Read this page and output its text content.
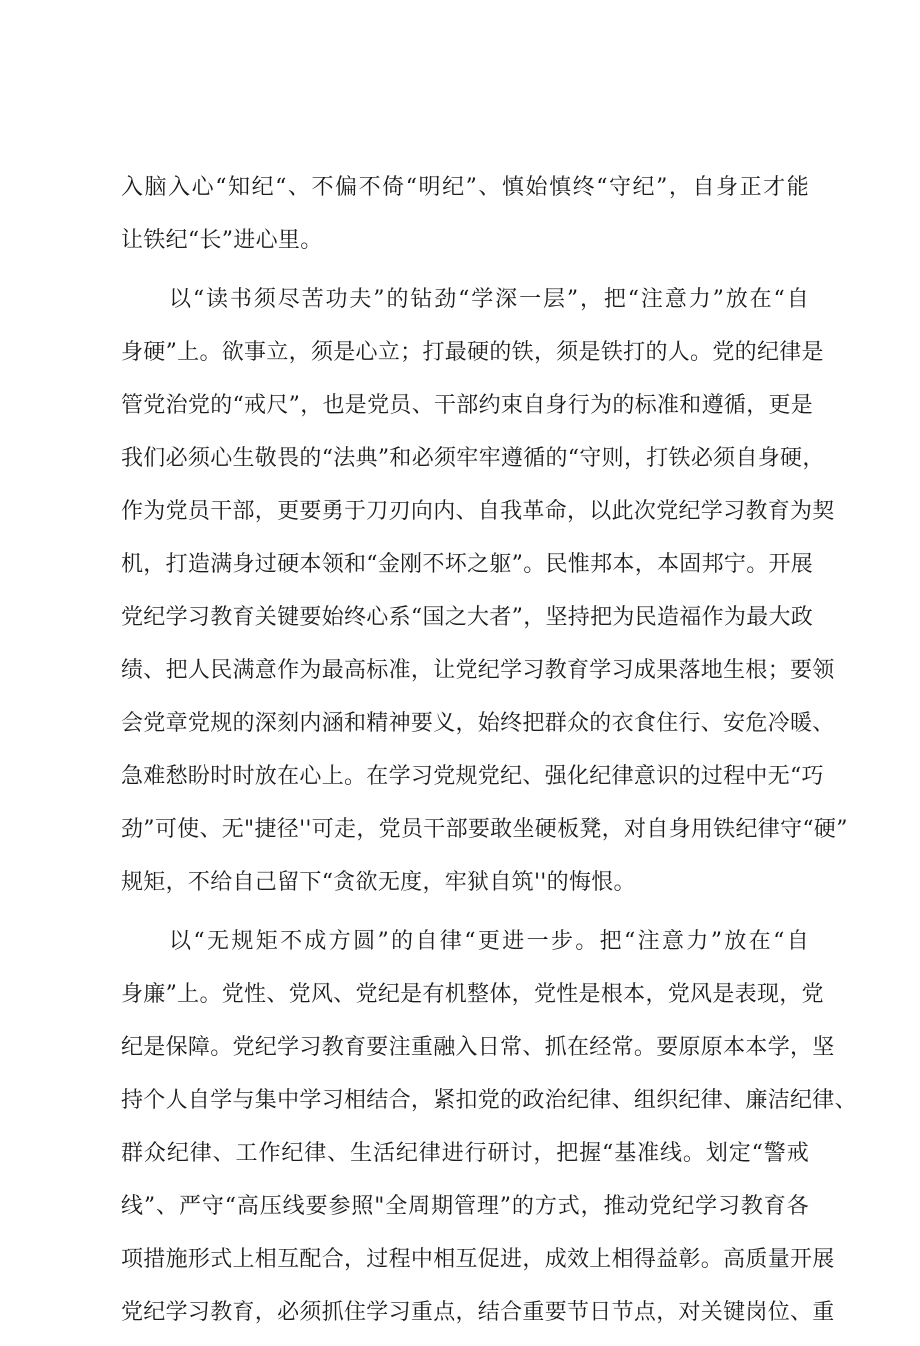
入脑入心“知纪“、不偏不倚“明纪”、慎始慎终“守纪”，自身正才能
让铁纪“长”进心里。
以“读书须尽苦功夫”的钻劲“学深一层”，把“注意力”放在“自
身硬”上。欲事立，须是心立；打最硬的铁，须是铁打的人。党的纪律是
管党治党的“戒尺”，也是党员、干部约束自身行为的标准和遵循，更是
我们必须心生敬畏的“法典”和必须牢牢遵循的“守则，打铁必须自身硬，
作为党员干部，更要勇于刀刃向内、自我革命，以此次党纪学习教育为契
机，打造满身过硬本领和“金刚不坏之躯”。民惟邦本，本固邦宁。开展
党纪学习教育关键要始终心系“国之大者”，坚持把为民造福作为最大政
绩、把人民满意作为最高标准，让党纪学习教育学习成果落地生根；要领
会党章党规的深刻内涵和精神要义，始终把群众的衣食住行、安危冷暖、
急难愁盼时时放在心上。在学习党规党纪、强化纪律意识的过程中无“巧
劲”可使、无"捷径''可走，党员干部要敢坐硬板凳，对自身用铁纪律守“硬”
规矩，不给自己留下“贪欲无度，牢狱自筑''的悔恨。
以“无规矩不成方圆”的自律“更进一步。把“注意力”放在“自
身廉”上。党性、党风、党纪是有机整体，党性是根本，党风是表现，党
纪是保障。党纪学习教育要注重融入日常、抓在经常。要原原本本学，坚
持个人自学与集中学习相结合，紧扣党的政治纪律、组织纪律、廉洁纪律、
群众纪律、工作纪律、生活纪律进行研讨，把握“基准线。划定“警戒
线”、严守“高压线要参照"全周期管理”的方式，推动党纪学习教育各
项措施形式上相互配合，过程中相互促进，成效上相得益彰。高质量开展
党纪学习教育，必须抓住学习重点，结合重要节日节点，对关键岗位、重
